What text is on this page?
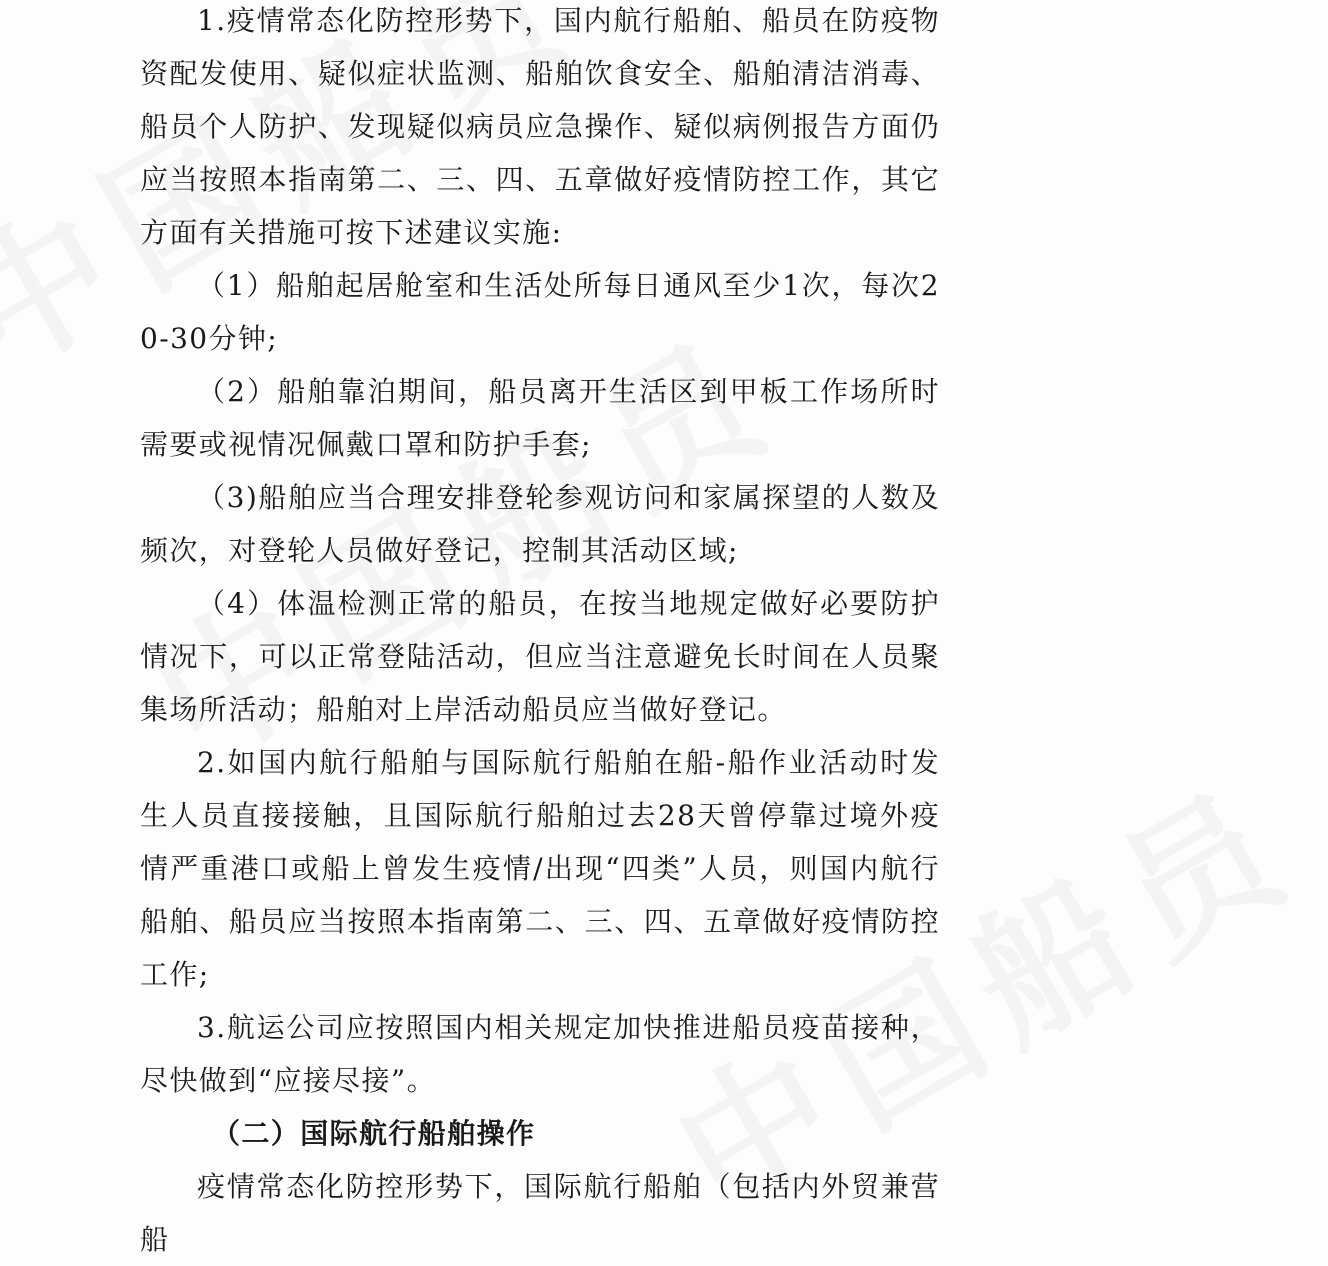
1.疫情常态化防控形势下，国内航行船舶、船员在防疫物资配发使用、疑似症状监测、船舶饮食安全、船舶清洁消毒、船员个人防护、发现疑似病员应急操作、疑似病例报告方面仍应当按照本指南第二、三、四、五章做好疫情防控工作，其它方面有关措施可按下述建议实施:

（1）船舶起居舱室和生活处所每日通风至少1次，每次20-30分钟;

（2）船舶靠泊期间，船员离开生活区到甲板工作场所时需要或视情况佩戴口罩和防护手套;

（3)船舶应当合理安排登轮参观访问和家属探望的人数及频次，对登轮人员做好登记，控制其活动区域;

（4）体温检测正常的船员，在按当地规定做好必要防护情况下，可以正常登陆活动，但应当注意避免长时间在人员聚集场所活动；船舶对上岸活动船员应当做好登记。

2.如国内航行船舶与国际航行船舶在船-船作业活动时发生人员直接接触，且国际航行船舶过去28天曾停靠过境外疫情严重港口或船上曾发生疫情/出现“四类”人员，则国内航行船舶、船员应当按照本指南第二、三、四、五章做好疫情防控工作;

3.航运公司应按照国内相关规定加快推进船员疫苗接种，尽快做到“应接尽接”。

（二）国际航行船舶操作

疫情常态化防控形势下，国际航行船舶（包括内外贸兼营船
